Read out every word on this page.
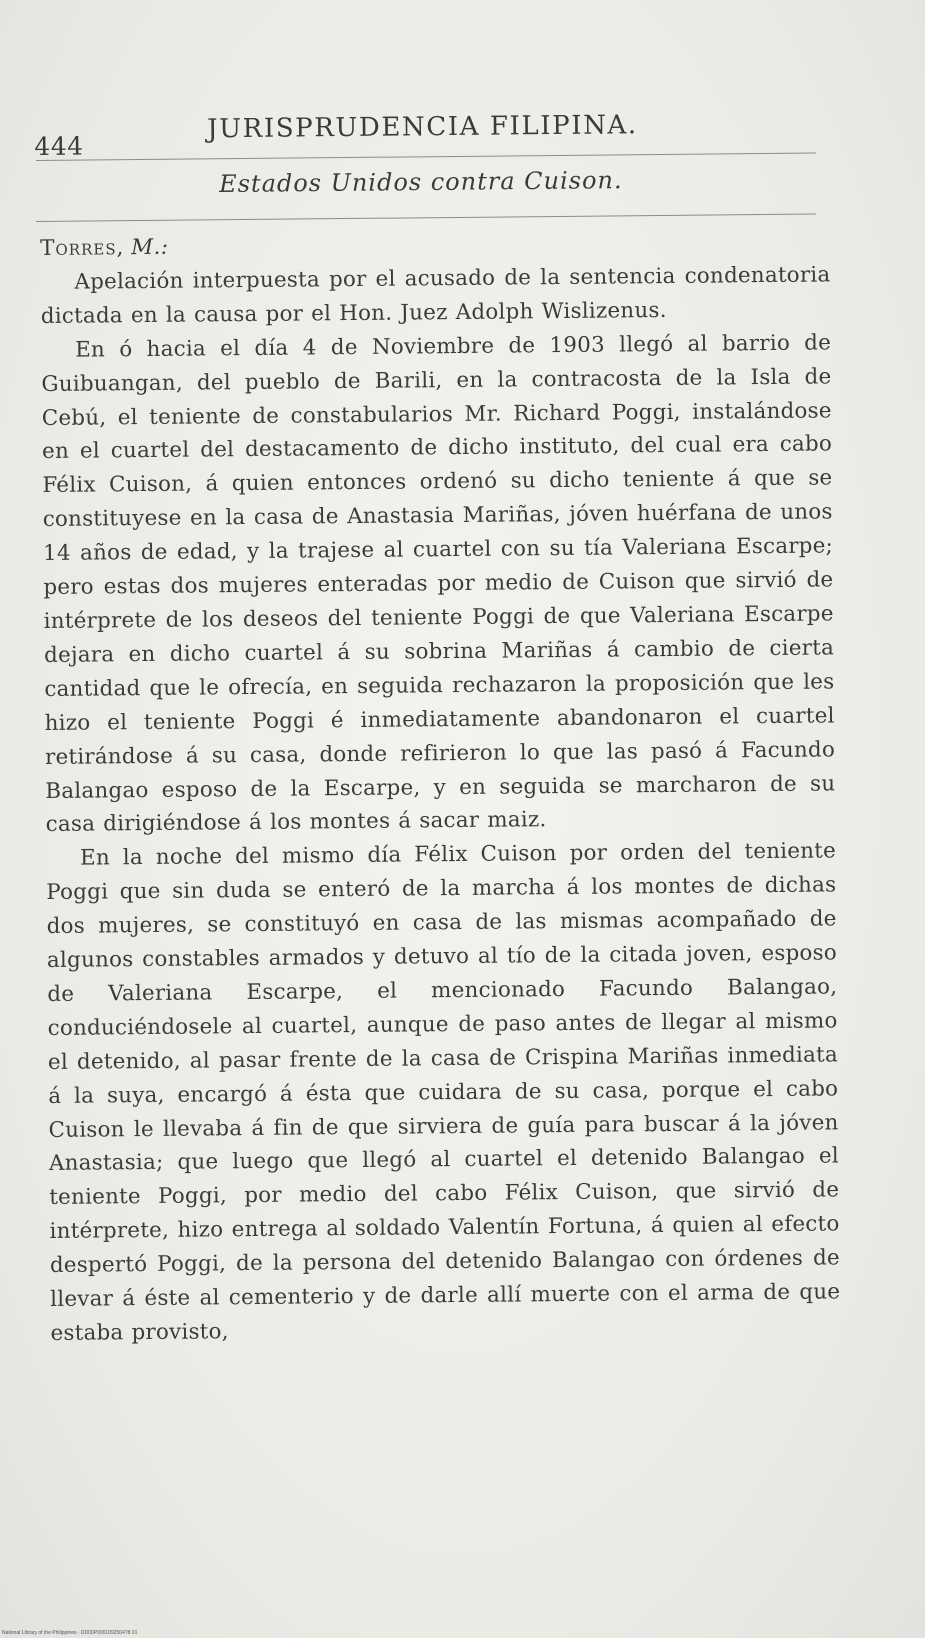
444
JURISPRUDENCIA FILIPINA.
Estados Unidos contra Cuison.

Torres, M.:

Apelación interpuesta por el acusado de la sentencia condenatoria dictada en la causa por el Hon. Juez Adolph Wislizenus.

En ó hacia el día 4 de Noviembre de 1903 llegó al barrio de Guibuangan, del pueblo de Barili, en la contracosta de la Isla de Cebú, el teniente de constabularios Mr. Richard Poggi, instalándose en el cuartel del destacamento de dicho instituto, del cual era cabo Félix Cuison, á quien entonces ordenó su dicho teniente á que se constituyese en la casa de Anastasia Mariñas, jóven huérfana de unos 14 años de edad, y la trajese al cuartel con su tía Valeriana Escarpe; pero estas dos mujeres enteradas por medio de Cuison que sirvió de intérprete de los deseos del teniente Poggi de que Valeriana Escarpe dejara en dicho cuartel á su sobrina Mariñas á cambio de cierta cantidad que le ofrecía, en seguida rechazaron la proposición que les hizo el teniente Poggi é inmediatamente abandonaron el cuartel retirándose á su casa, donde refirieron lo que las pasó á Facundo Balangao esposo de la Escarpe, y en seguida se marcharon de su casa dirigiéndose á los montes á sacar maiz.

En la noche del mismo día Félix Cuison por orden del teniente Poggi que sin duda se enteró de la marcha á los montes de dichas dos mujeres, se constituyó en casa de las mismas acompañado de algunos constables armados y detuvo al tío de la citada joven, esposo de Valeriana Escarpe, el mencionado Facundo Balangao, conduciéndosele al cuartel, aunque de paso antes de llegar al mismo el detenido, al pasar frente de la casa de Crispina Mariñas inmediata á la suya, encargó á ésta que cuidara de su casa, porque el cabo Cuison le llevaba á fin de que sirviera de guía para buscar á la jóven Anastasia; que luego que llegó al cuartel el detenido Balangao el teniente Poggi, por medio del cabo Félix Cuison, que sirvió de intérprete, hizo entrega al soldado Valentín Fortuna, á quien al efecto despertó Poggi, de la persona del detenido Balangao con órdenes de llevar á éste al cementerio y de darle allí muerte con el arma de que estaba provisto,

National Library of the Philippines · DD00P0001092504?8 01
